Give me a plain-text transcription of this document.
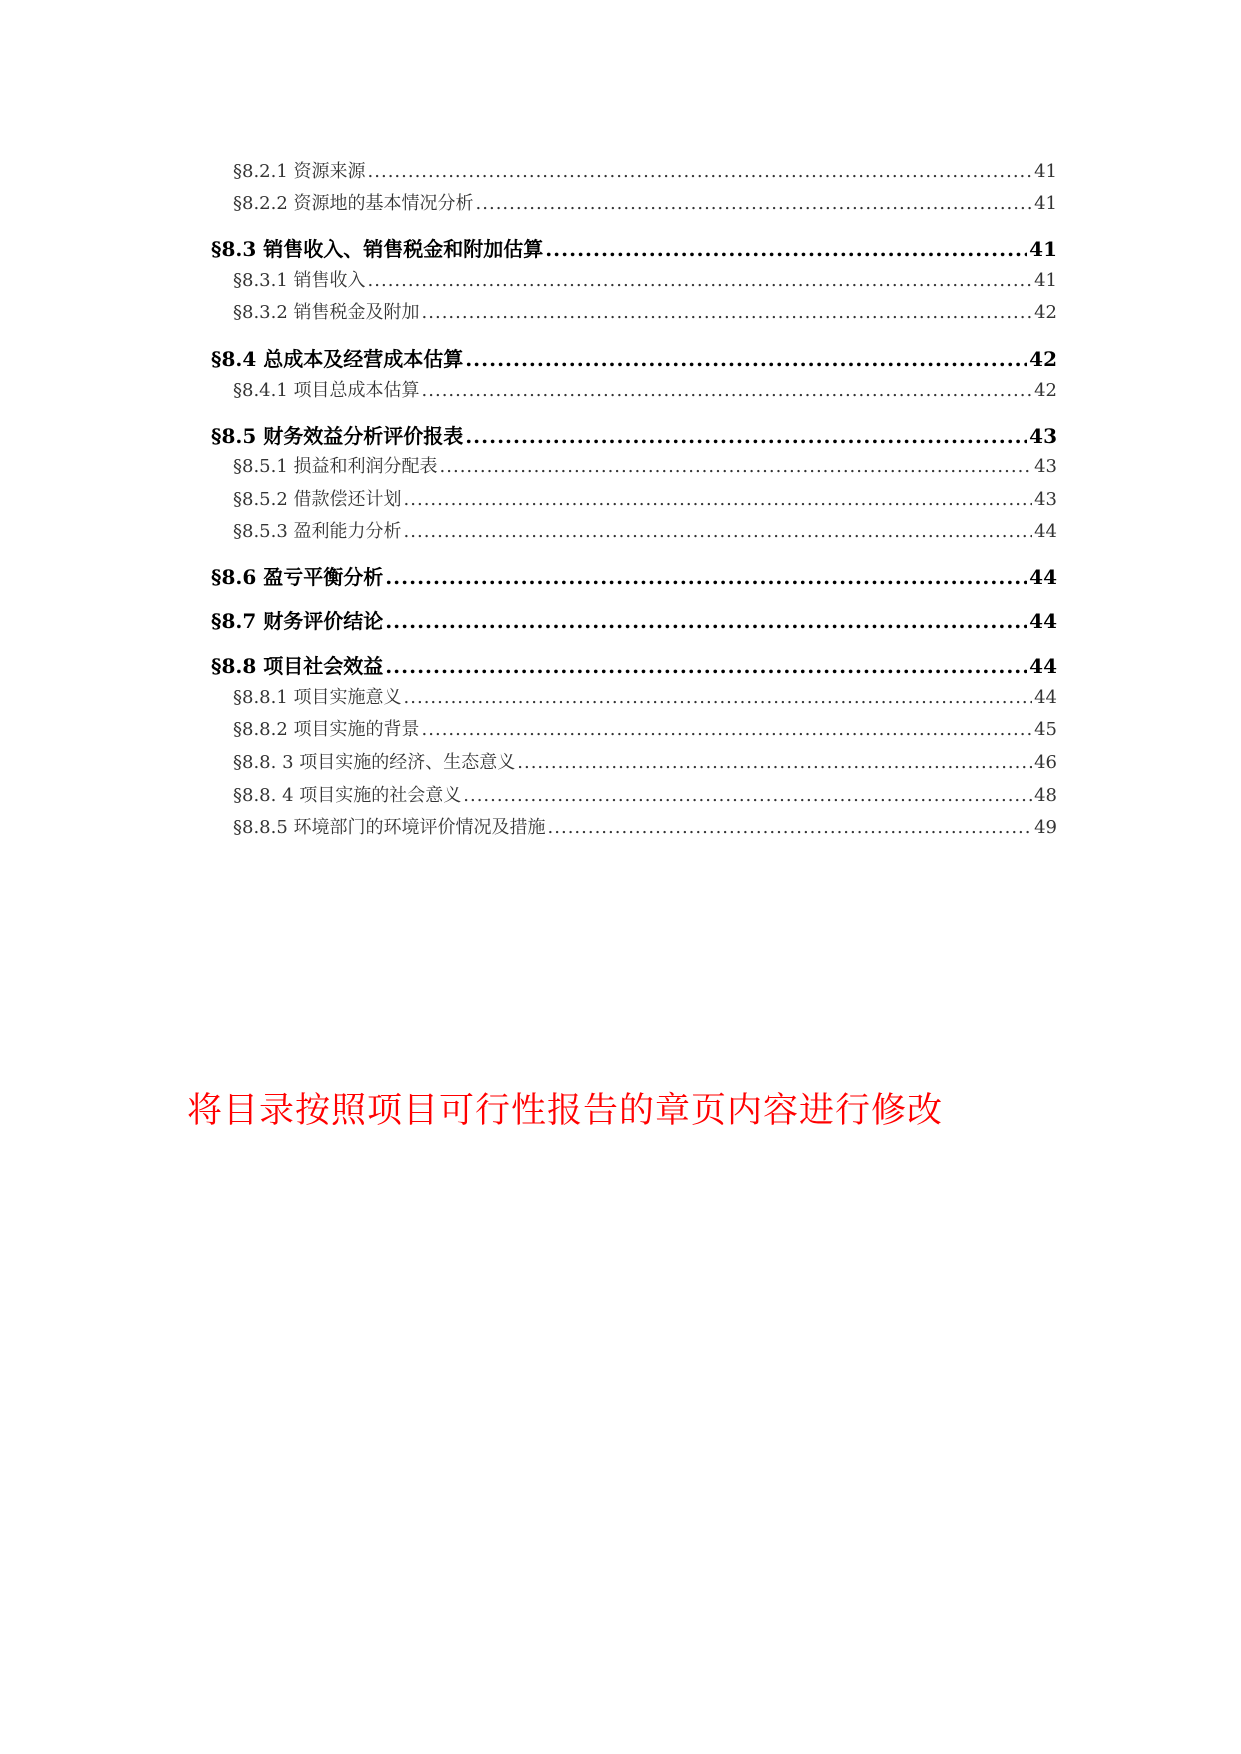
§8.2.1 资源来源 .....	41
§8.2.2 资源地的基本情况分析 .....	41
§8.3 销售收入、销售税金和附加估算 .....	41
§8.3.1 销售收入 .....	41
§8.3.2 销售税金及附加 .....	42
§8.4 总成本及经营成本估算 .....	42
§8.4.1 项目总成本估算 .....	42
§8.5 财务效益分析评价报表 .....	43
§8.5.1 损益和利润分配表 .....	43
§8.5.2 借款偿还计划 .....	43
§8.5.3 盈利能力分析 .....	44
§8.6 盈亏平衡分析 .....	44
§8.7 财务评价结论 .....	44
§8.8 项目社会效益 .....	44
§8.8.1 项目实施意义 .....	44
§8.8.2 项目实施的背景 .....	45
§8.8. 3 项目实施的经济、生态意义 .....	46
§8.8. 4 项目实施的社会意义 .....	48
§8.8.5 环境部门的环境评价情况及措施 .....	49
将目录按照项目可行性报告的章页内容进行修改
